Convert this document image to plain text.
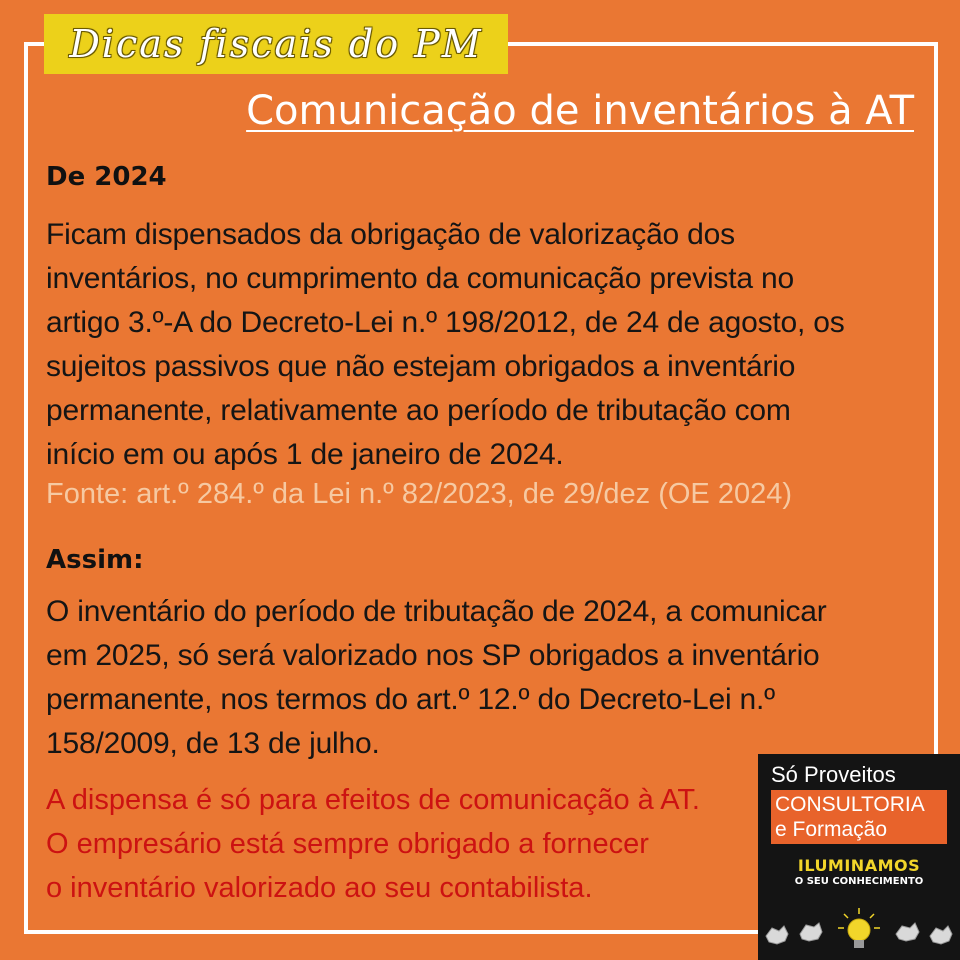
Dicas fiscais do PM
Comunicação de inventários à AT
De 2024
Ficam dispensados da obrigação de valorização dos
inventários, no cumprimento da comunicação prevista no
artigo 3.º-A do Decreto-Lei n.º 198/2012, de 24 de agosto, os
sujeitos passivos que não estejam obrigados a inventário
permanente, relativamente ao período de tributação com
início em ou após 1 de janeiro de 2024.
Fonte: art.º 284.º da Lei n.º 82/2023, de 29/dez (OE 2024)
Assim:
O inventário do período de tributação de 2024, a comunicar
em 2025, só será valorizado nos SP obrigados a inventário
permanente, nos termos do art.º 12.º do Decreto-Lei n.º
158/2009, de 13 de julho.
A dispensa é só para efeitos de comunicação à AT.
O empresário está sempre obrigado a fornecer
o inventário valorizado ao seu contabilista.
Só Proveitos
CONSULTORIA
e Formação
ILUMINAMOS
O SEU CONHECIMENTO
